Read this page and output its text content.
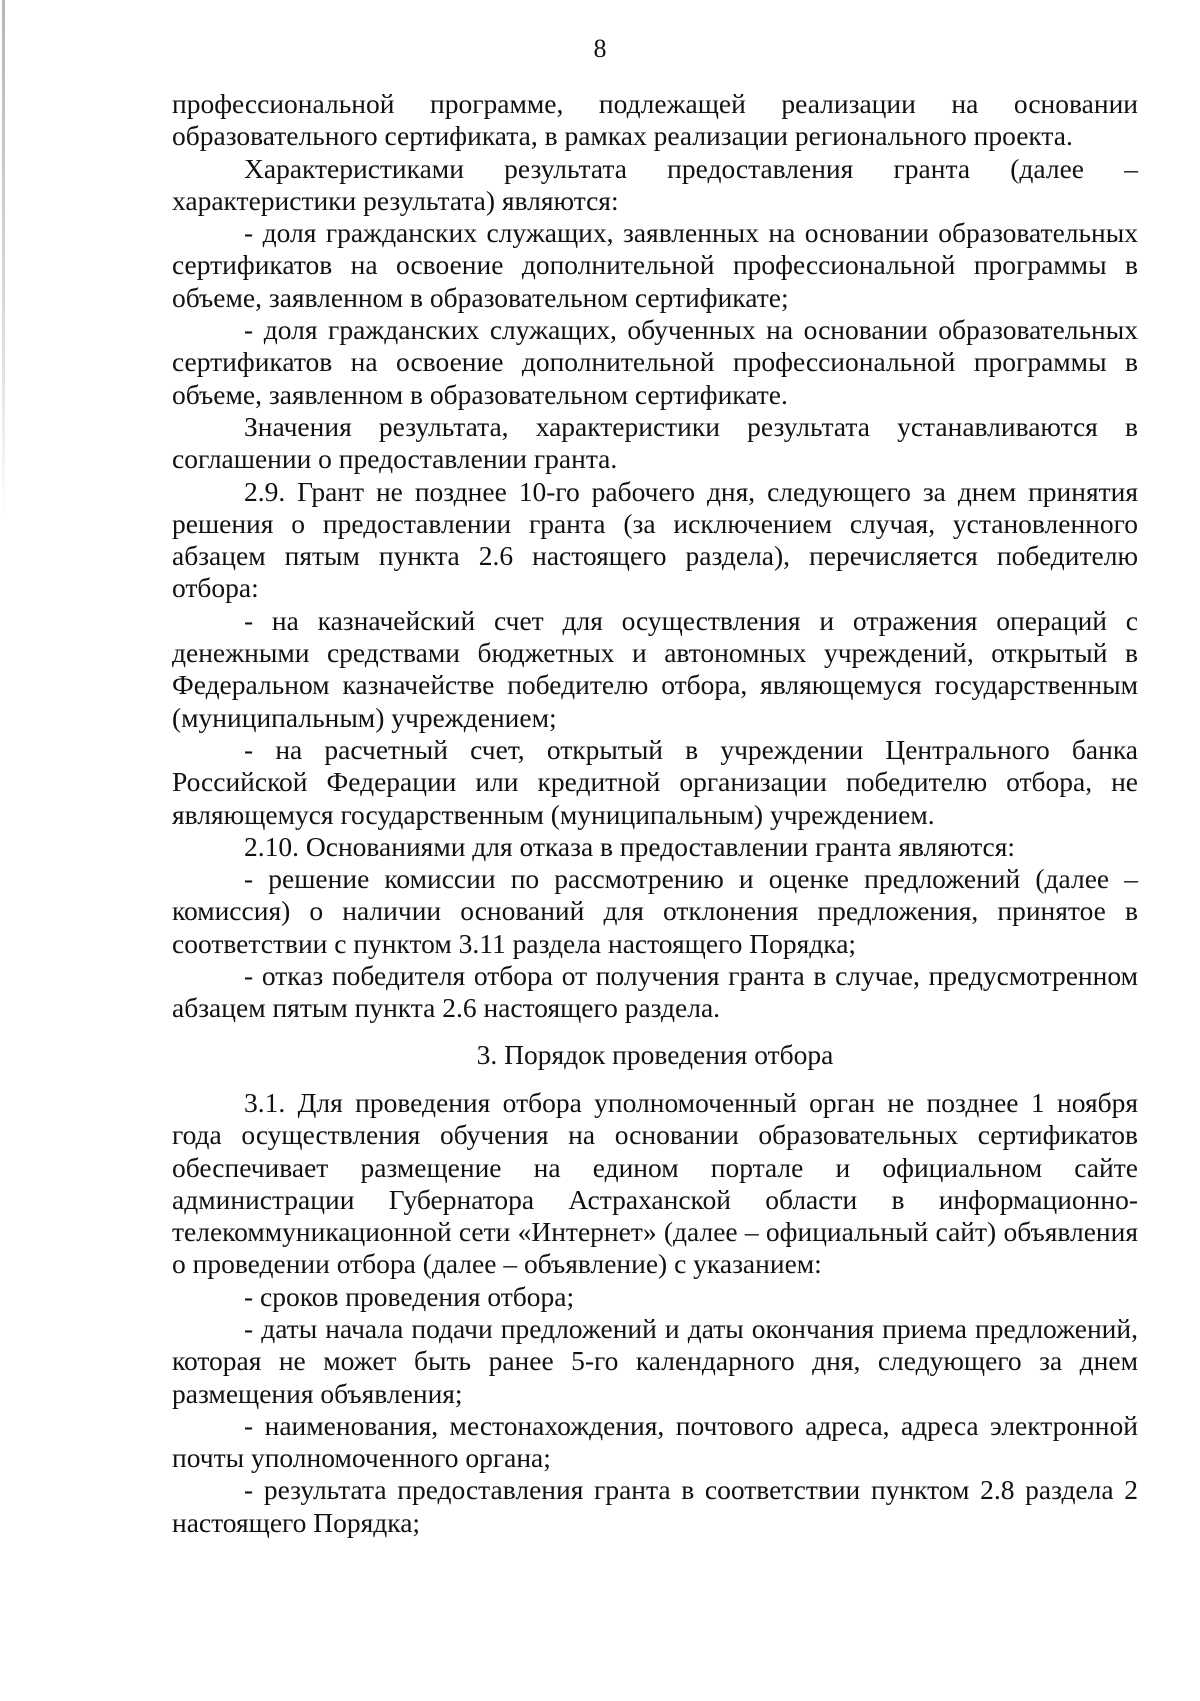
8

профессиональной программе, подлежащей реализации на основании образовательного сертификата, в рамках реализации регионального проекта.

Характеристиками результата предоставления гранта (далее – характеристики результата) являются:

- доля гражданских служащих, заявленных на основании образовательных сертификатов на освоение дополнительной профессиональной программы в объеме, заявленном в образовательном сертификате;

- доля гражданских служащих, обученных на основании образовательных сертификатов на освоение дополнительной профессиональной программы в объеме, заявленном в образовательном сертификате.

Значения результата, характеристики результата устанавливаются в соглашении о предоставлении гранта.

2.9. Грант не позднее 10-го рабочего дня, следующего за днем принятия решения о предоставлении гранта (за исключением случая, установленного абзацем пятым пункта 2.6 настоящего раздела), перечисляется победителю отбора:

- на казначейский счет для осуществления и отражения операций с денежными средствами бюджетных и автономных учреждений, открытый в Федеральном казначействе победителю отбора, являющемуся государственным (муниципальным) учреждением;

- на расчетный счет, открытый в учреждении Центрального банка Российской Федерации или кредитной организации победителю отбора, не являющемуся государственным (муниципальным) учреждением.

2.10. Основаниями для отказа в предоставлении гранта являются:

- решение комиссии по рассмотрению и оценке предложений (далее – комиссия) о наличии оснований для отклонения предложения, принятое в соответствии с пунктом 3.11 раздела настоящего Порядка;

- отказ победителя отбора от получения гранта в случае, предусмотренном абзацем пятым пункта 2.6 настоящего раздела.

3. Порядок проведения отбора

3.1. Для проведения отбора уполномоченный орган не позднее 1 ноября года осуществления обучения на основании образовательных сертификатов обеспечивает размещение на едином портале и официальном сайте администрации Губернатора Астраханской области в информационно-телекоммуникационной сети «Интернет» (далее – официальный сайт) объявления о проведении отбора (далее – объявление) с указанием:

- сроков проведения отбора;

- даты начала подачи предложений и даты окончания приема предложений, которая не может быть ранее 5-го календарного дня, следующего за днем размещения объявления;

- наименования, местонахождения, почтового адреса, адреса электронной почты уполномоченного органа;

- результата предоставления гранта в соответствии пунктом 2.8 раздела 2 настоящего Порядка;
